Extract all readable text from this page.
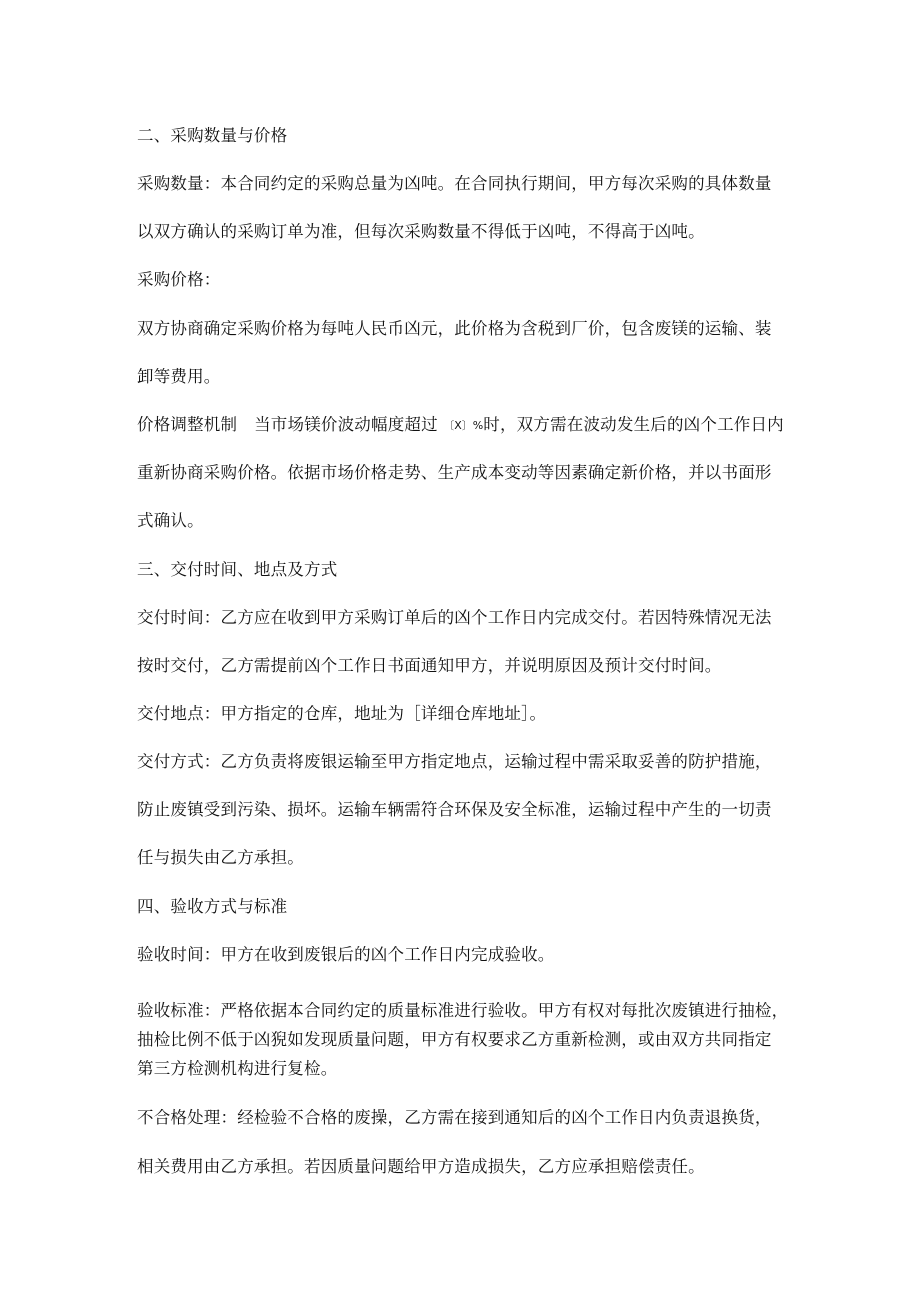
二、采购数量与价格
采购数量：本合同约定的采购总量为凶吨。在合同执行期间，甲方每次采购的具体数量
以双方确认的采购订单为准，但每次采购数量不得低于凶吨，不得高于凶吨。
采购价格：
双方协商确定采购价格为每吨人民币凶元，此价格为含税到厂价，包含废镁的运输、装
卸等费用。
价格调整机制 当市场镁价波动幅度超过 〔X〕%时，双方需在波动发生后的凶个工作日内
重新协商采购价格。依据市场价格走势、生产成本变动等因素确定新价格，并以书面形
式确认。
三、交付时间、地点及方式
交付时间：乙方应在收到甲方采购订单后的凶个工作日内完成交付。若因特殊情况无法
按时交付，乙方需提前凶个工作日书面通知甲方，并说明原因及预计交付时间。
交付地点：甲方指定的仓库，地址为［详细仓库地址］。
交付方式：乙方负责将废银运输至甲方指定地点，运输过程中需采取妥善的防护措施，
防止废镇受到污染、损坏。运输车辆需符合环保及安全标准，运输过程中产生的一切责
任与损失由乙方承担。
四、验收方式与标准
验收时间：甲方在收到废银后的凶个工作日内完成验收。
验收标准：严格依据本合同约定的质量标准进行验收。甲方有权对每批次废镇进行抽检，
抽检比例不低于凶猊如发现质量问题，甲方有权要求乙方重新检测，或由双方共同指定
第三方检测机构进行复检。
不合格处理：经检验不合格的废操，乙方需在接到通知后的凶个工作日内负责退换货，
相关费用由乙方承担。若因质量问题给甲方造成损失，乙方应承担赔偿责任。
